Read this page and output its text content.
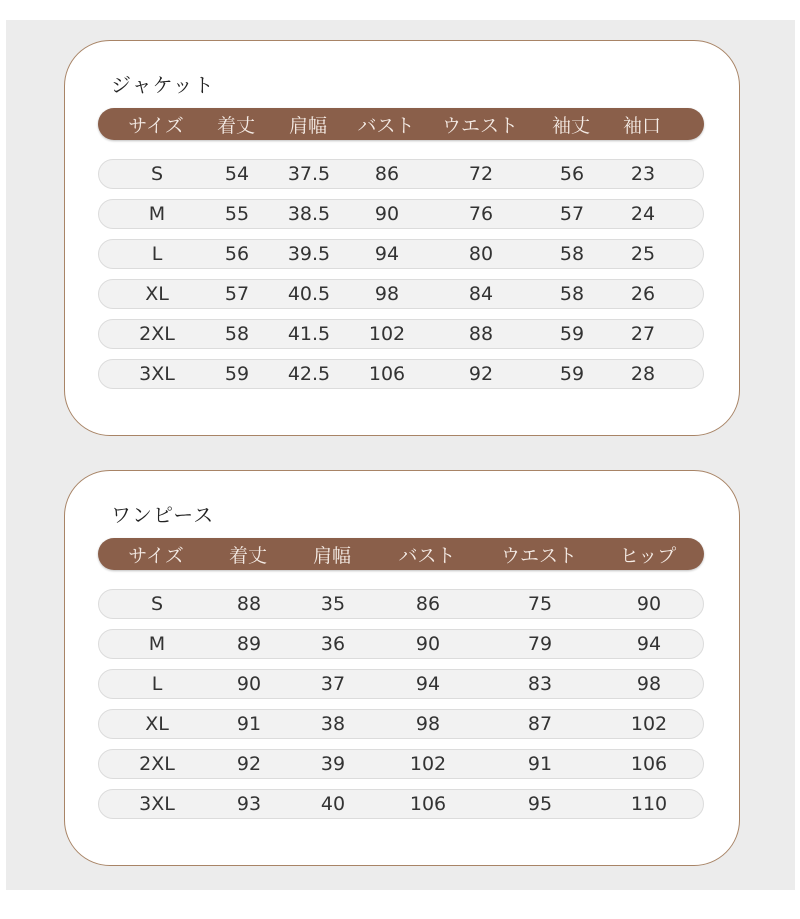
ジャケット
サイズ 着丈 肩幅 バスト ウエスト 袖丈 袖口
S	54 37.5 86	72	56 23
M	55 38.5 90	76	57 24
L	56 39.5 94	80	58 25
XL	57 40.5 98	84	58 26
2XL	58 41.5 102	88	59 27
3XL	59 42.5 106	92	59 28
ワンピース
サイズ 着丈 肩幅 バスト ウエスト ヒップ
S	88	35	86	75	90
M	89	36	90	79	94
L	90	37	94	83	98
XL	91	38	98	87	102
2XL	92	39	102	91	106
3XL	93	40	106	95	110
